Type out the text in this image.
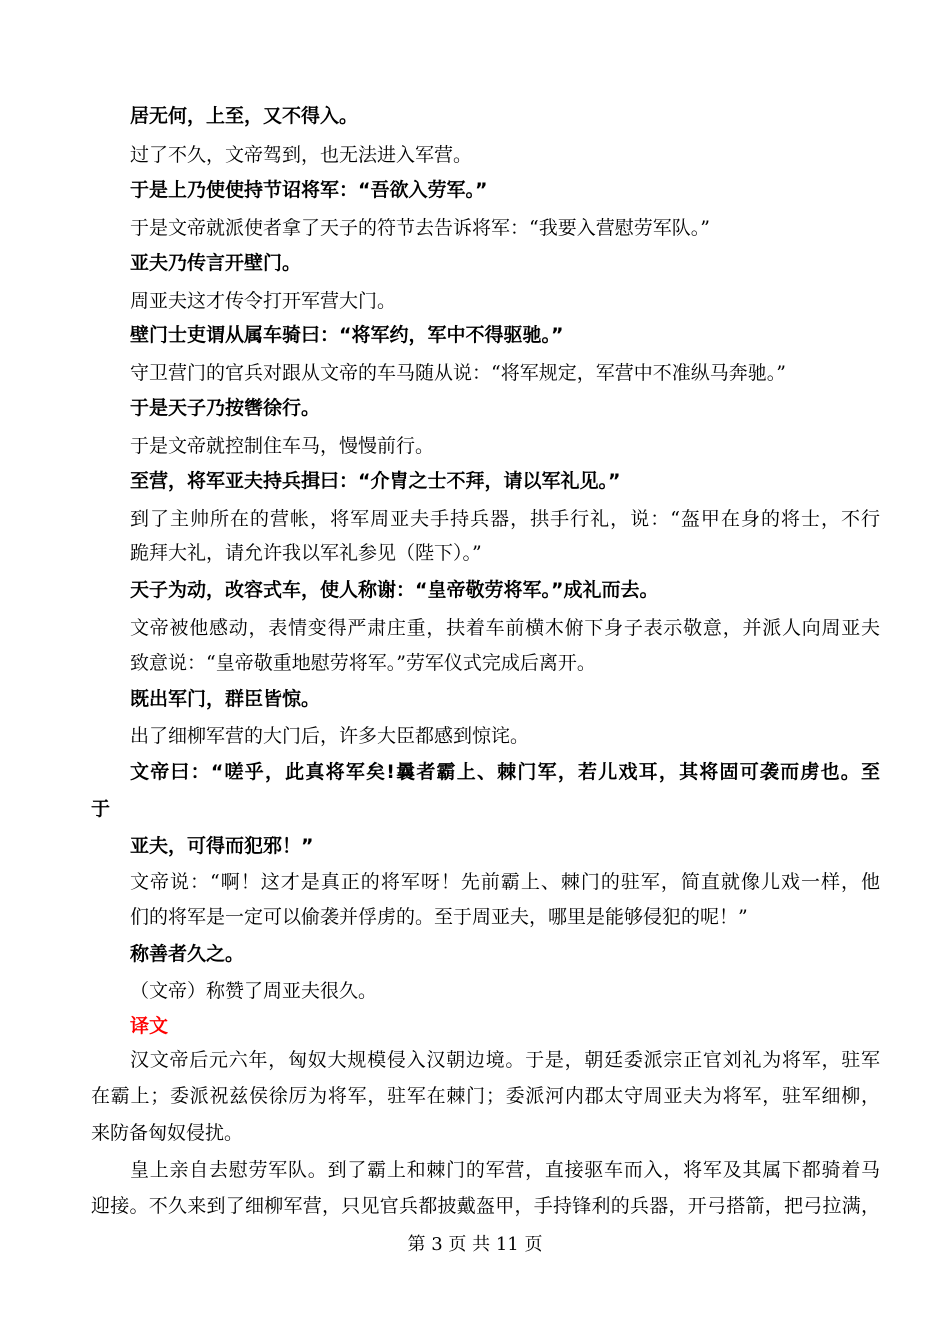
居无何，上至，又不得入。
过了不久，文帝驾到，也无法进入军营。
于是上乃使使持节诏将军：“吾欲入劳军。”
于是文帝就派使者拿了天子的符节去告诉将军：“我要入营慰劳军队。”
亚夫乃传言开壁门。
周亚夫这才传令打开军营大门。
壁门士吏谓从属车骑曰：“将军约，军中不得驱驰。”
守卫营门的官兵对跟从文帝的车马随从说：“将军规定，军营中不准纵马奔驰。”
于是天子乃按辔徐行。
于是文帝就控制住车马，慢慢前行。
至营，将军亚夫持兵揖曰：“介胄之士不拜，请以军礼见。”
到了主帅所在的营帐，将军周亚夫手持兵器，拱手行礼，说：“盔甲在身的将士，不行
跪拜大礼，请允许我以军礼参见（陛下）。”
天子为动，改容式车，使人称谢：“皇帝敬劳将军。”成礼而去。
文帝被他感动，表情变得严肃庄重，扶着车前横木俯下身子表示敬意，并派人向周亚夫
致意说：“皇帝敬重地慰劳将军。”劳军仪式完成后离开。
既出军门，群臣皆惊。
出了细柳军营的大门后，许多大臣都感到惊诧。
文帝曰：“嗟乎，此真将军矣!曩者霸上、棘门军，若儿戏耳，其将固可袭而虏也。至
于
亚夫，可得而犯邪！”
文帝说：“啊！这才是真正的将军呀！先前霸上、棘门的驻军，简直就像儿戏一样，他
们的将军是一定可以偷袭并俘虏的。至于周亚夫，哪里是能够侵犯的呢！”
称善者久之。
（文帝）称赞了周亚夫很久。
译文
汉文帝后元六年，匈奴大规模侵入汉朝边境。于是，朝廷委派宗正官刘礼为将军，驻军
在霸上；委派祝兹侯徐厉为将军，驻军在棘门；委派河内郡太守周亚夫为将军，驻军细柳，
来防备匈奴侵扰。
皇上亲自去慰劳军队。到了霸上和棘门的军营，直接驱车而入，将军及其属下都骑着马
迎接。不久来到了细柳军营，只见官兵都披戴盔甲，手持锋利的兵器，开弓搭箭，把弓拉满，
第 3 页 共 11 页
